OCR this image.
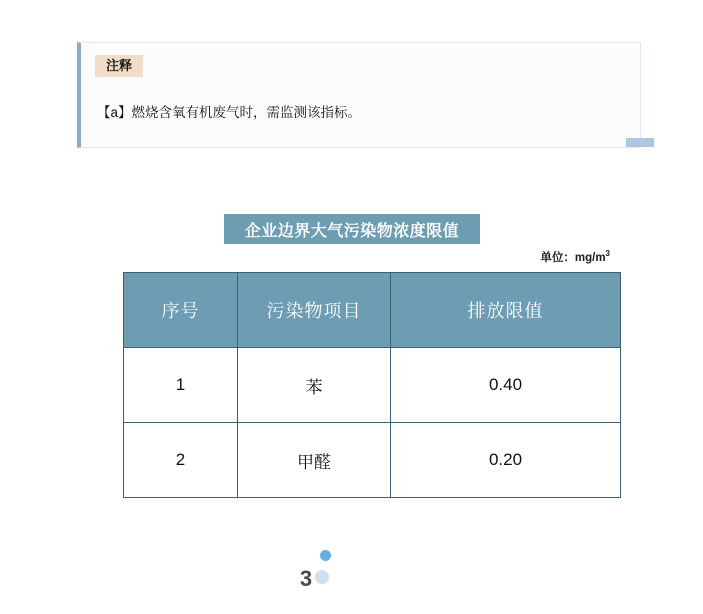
注释
【a】燃烧含氧有机废气时，需监测该指标。
企业边界大气污染物浓度限值
单位：$mg/m^3$
序号	污染物项目	排放限值
1	苯	0.40
2	甲醛	0.20
3
